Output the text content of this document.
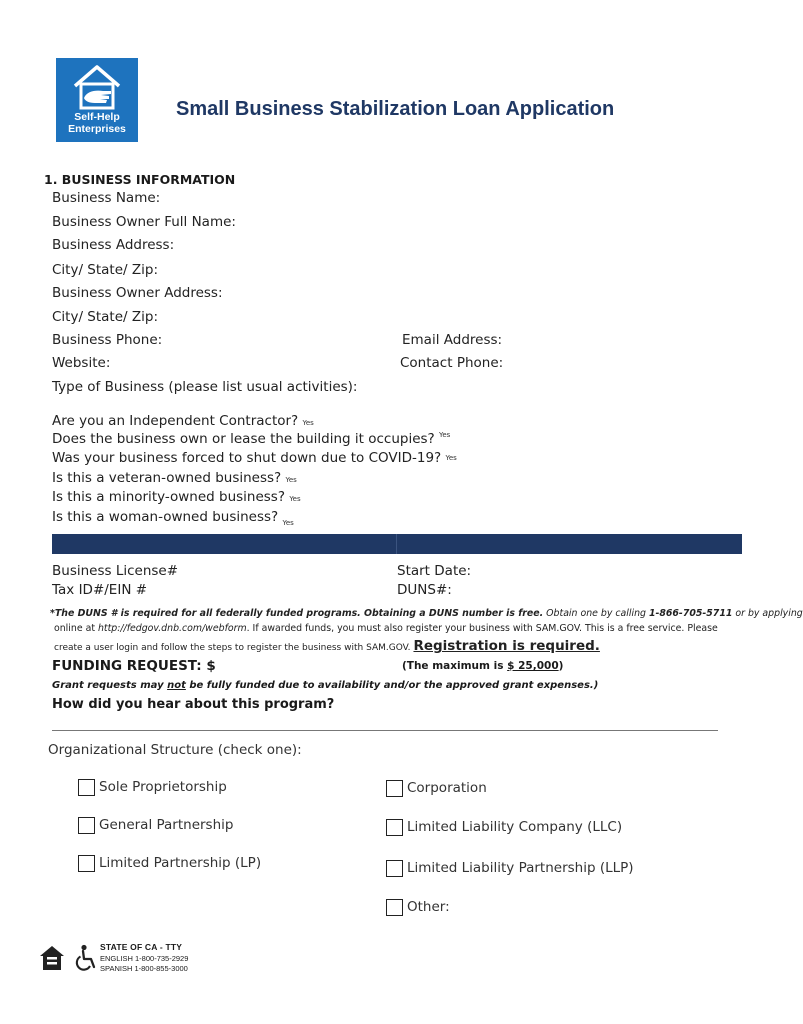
Self-Help
Enterprises
Small Business Stabilization Loan Application
1. BUSINESS INFORMATION
Business Name:
Business Owner Full Name:
Business Address:
City/ State/ Zip:
Business Owner Address:
City/ State/ Zip:
Business Phone:	Email Address:
Website:	Contact Phone:
Type of Business (please list usual activities):
Are you an Independent Contractor? Yes
Does the business own or lease the building it occupies? $^{Yes}$
Was your business forced to shut down due to COVID-19? Yes
Is this a veteran-owned business? Yes
Is this a minority-owned business? Yes
Is this a woman-owned business? $_{Yes}$
Business License#	Start Date:
Tax ID#/EIN #	DUNS#:
*The DUNS # is required for all federally funded programs. Obtaining a DUNS number is free. Obtain one by calling 1-866-705-5711 or by applying
online at http://fedgov.dnb.com/webform. If awarded funds, you must also register your business with SAM.GOV. This is a free service. Please
create a user login and follow the steps to register the business with SAM.GOV. Registration is required.
FUNDING REQUEST: $	(The maximum is $ 25,000)
Grant requests may not be fully funded due to availability and/or the approved grant expenses.)
How did you hear about this program?
Organizational Structure (check one):
Sole Proprietorship	Corporation
General Partnership	Limited Liability Company (LLC)
Limited Partnership (LP)	Limited Liability Partnership (LLP)
Other:

STATE OF CA - TTY
ENGLISH 1-800-735-2929
SPANISH 1-800-855-3000
